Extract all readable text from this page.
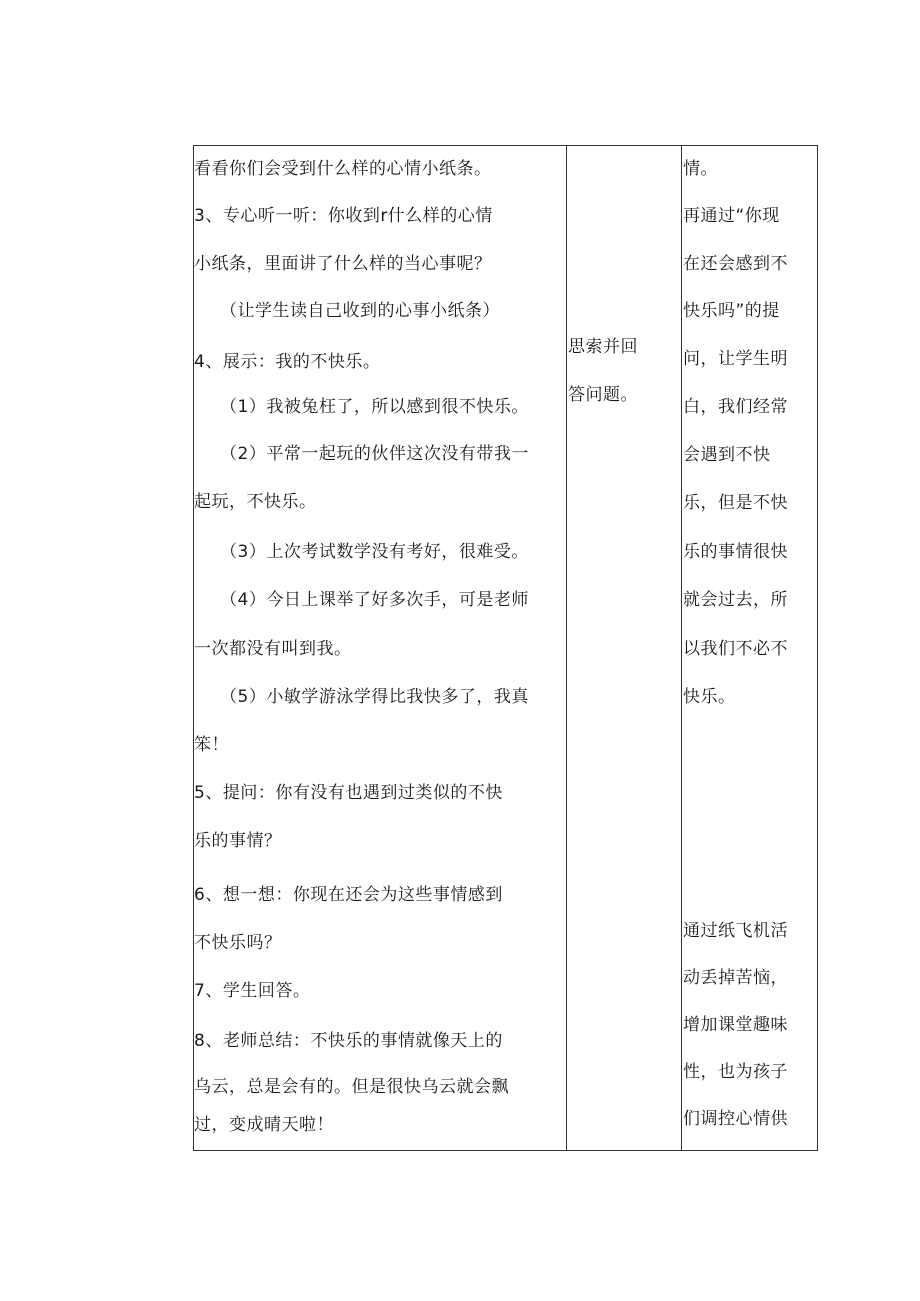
看看你们会受到什么样的心情小纸条。
3、专心听一听：你收到r什么样的心情
小纸条，里面讲了什么样的当心事呢？
（让学生读自己收到的心事小纸条）
4、展示：我的不快乐。
（1）我被兔枉了，所以感到很不快乐。
（2）平常一起玩的伙伴这次没有带我一
起玩，不快乐。
（3）上次考试数学没有考好，很难受。
（4）今日上课举了好多次手，可是老师
一次都没有叫到我。
（5）小敏学游泳学得比我快多了，我真
笨！
5、提问：你有没有也遇到过类似的不快
乐的事情？
6、想一想：你现在还会为这些事情感到
不快乐吗？
7、学生回答。
8、老师总结：不快乐的事情就像天上的
乌云，总是会有的。但是很快乌云就会飘
过，变成晴天啦！
思索并回
答问题。
情。
再通过“你现
在还会感到不
快乐吗”的提
问，让学生明
白，我们经常
会遇到不快
乐，但是不快
乐的事情很快
就会过去，所
以我们不必不
快乐。
通过纸飞机活
动丢掉苦恼，
增加课堂趣味
性，也为孩子
们调控心情供
